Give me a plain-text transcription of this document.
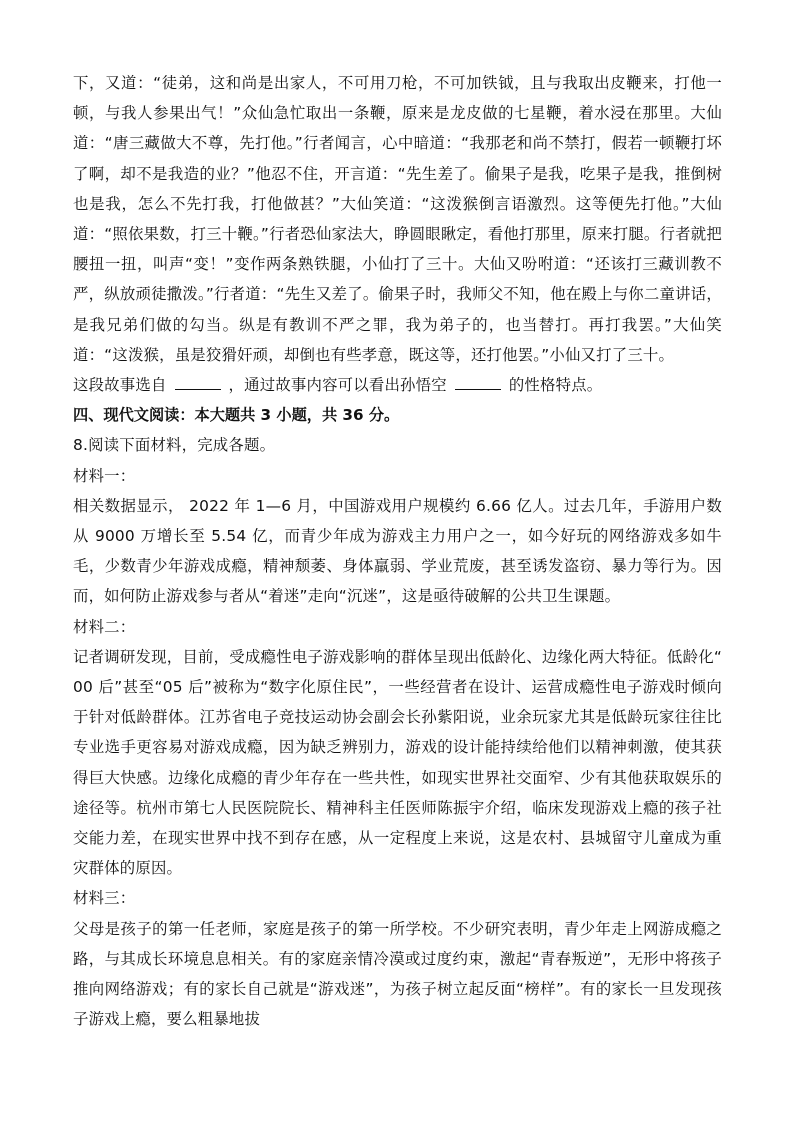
下，又道：“徒弟，这和尚是出家人，不可用刀枪，不可加铁钺，且与我取出皮鞭来，打他一顿，与我人参果出气！”众仙急忙取出一条鞭，原来是龙皮做的七星鞭，着水浸在那里。大仙道：“唐三藏做大不尊，先打他。”行者闻言，心中暗道：“我那老和尚不禁打，假若一顿鞭打坏了啊，却不是我造的业？”他忍不住，开言道：“先生差了。偷果子是我，吃果子是我，推倒树也是我，怎么不先打我，打他做甚？”大仙笑道：“这泼猴倒言语激烈。这等便先打他。”大仙道：“照依果数，打三十鞭。”行者恐仙家法大，睁圆眼瞅定，看他打那里，原来打腿。行者就把腰扭一扭，叫声“变！”变作两条熟铁腿，小仙打了三十。大仙又吩咐道：“还该打三藏训教不严，纵放顽徒撒泼。”行者道：“先生又差了。偷果子时，我师父不知，他在殿上与你二童讲话，是我兄弟们做的勾当。纵是有教训不严之罪，我为弟子的，也当替打。再打我罢。”大仙笑道：“这泼猴，虽是狡猾奸顽，却倒也有些孝意，既这等，还打他罢。”小仙又打了三十。

这段故事选自	，通过故事内容可以看出孙悟空	的性格特点。

四、现代文阅读：本大题共 3 小题，共 36 分。

8.阅读下面材料，完成各题。

材料一：

相关数据显示， 2022 年 1—6 月，中国游戏用户规模约 6.66 亿人。过去几年，手游用户数从 9000 万增长至 5.54 亿，而青少年成为游戏主力用户之一，如今好玩的网络游戏多如牛毛，少数青少年游戏成瘾，精神颓萎、身体羸弱、学业荒废，甚至诱发盗窃、暴力等行为。因而，如何防止游戏参与者从“着迷”走向“沉迷”，这是亟待破解的公共卫生课题。

材料二：

记者调研发现，目前，受成瘾性电子游戏影响的群体呈现出低龄化、边缘化两大特征。低龄化“ 00 后”甚至“05 后”被称为“数字化原住民”，一些经营者在设计、运营成瘾性电子游戏时倾向于针对低龄群体。江苏省电子竞技运动协会副会长孙紫阳说，业余玩家尤其是低龄玩家往往比专业选手更容易对游戏成瘾，因为缺乏辨别力，游戏的设计能持续给他们以精神刺激，使其获得巨大快感。边缘化成瘾的青少年存在一些共性，如现实世界社交面窄、少有其他获取娱乐的途径等。杭州市第七人民医院院长、精神科主任医师陈振宇介绍，临床发现游戏上瘾的孩子社交能力差，在现实世界中找不到存在感，从一定程度上来说，这是农村、县城留守儿童成为重灾群体的原因。

材料三：

父母是孩子的第一任老师，家庭是孩子的第一所学校。不少研究表明，青少年走上网游成瘾之路，与其成长环境息息相关。有的家庭亲情冷漠或过度约束，激起“青春叛逆”，无形中将孩子推向网络游戏；有的家长自己就是“游戏迷”，为孩子树立起反面“榜样”。有的家长一旦发现孩子游戏上瘾，要么粗暴地拔
